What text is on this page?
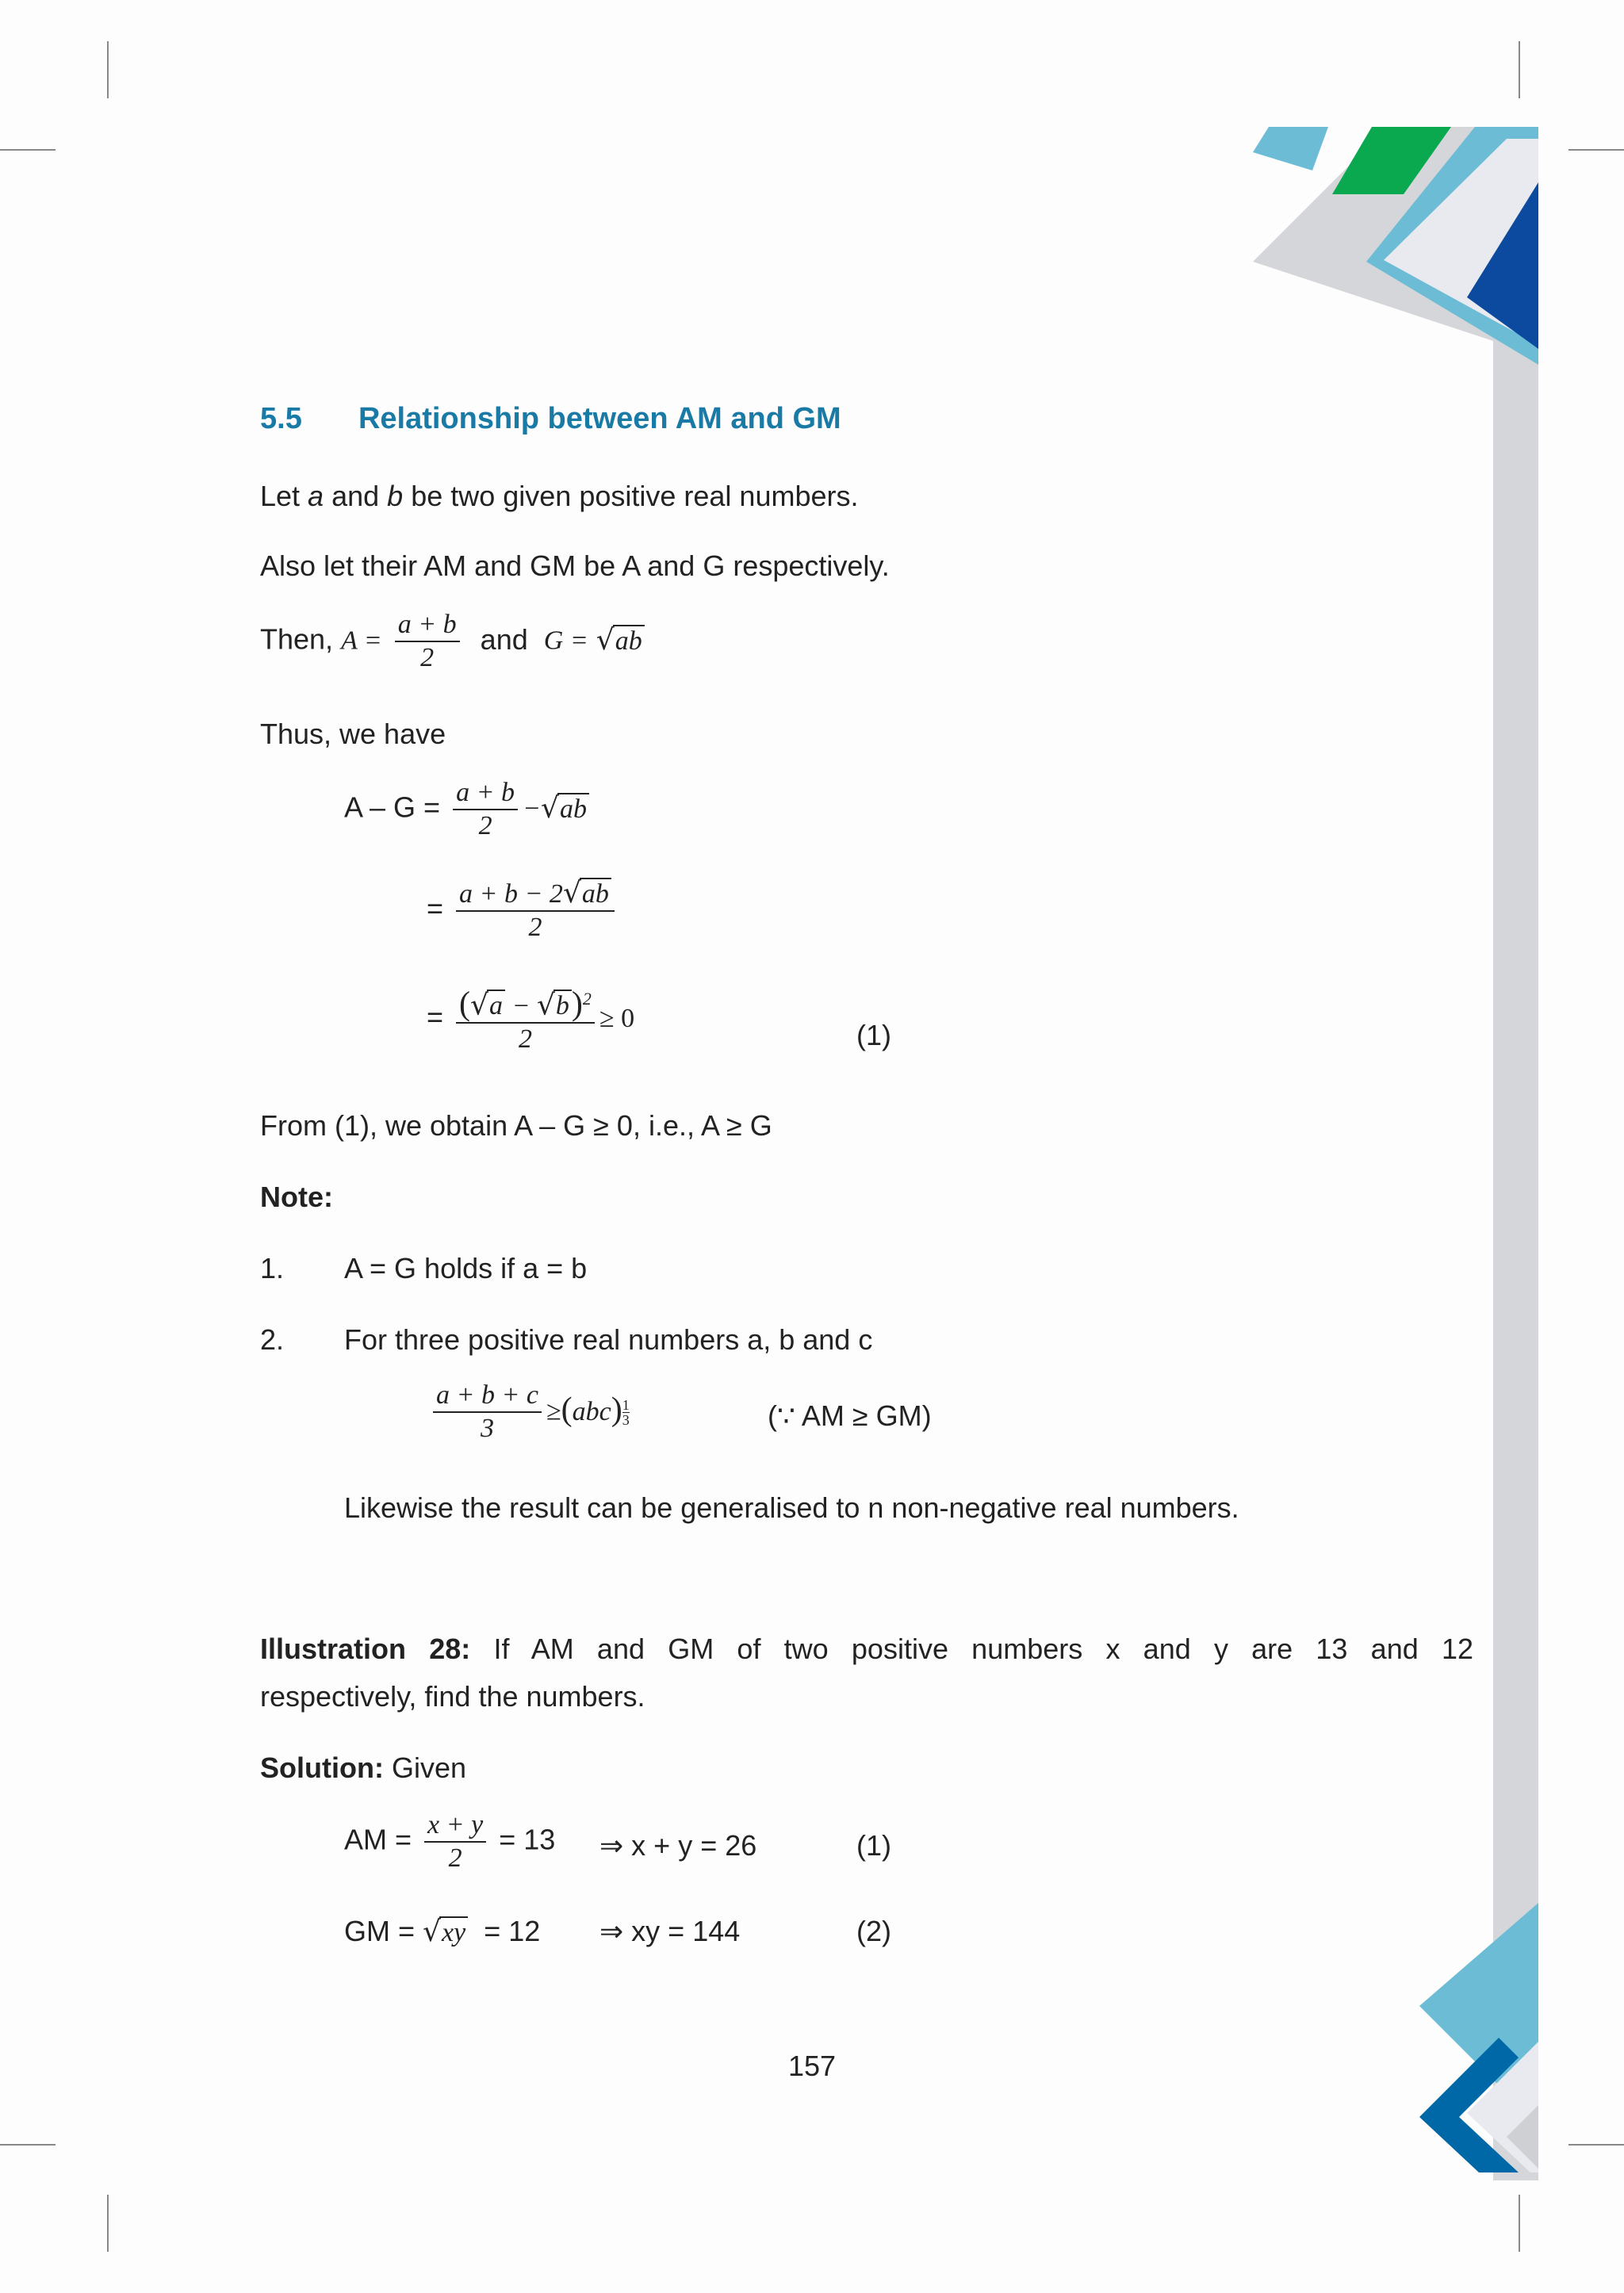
5.5 Relationship between AM and GM
Let a and b be two given positive real numbers.
Also let their AM and GM be A and G respectively.
Then, $A = \frac{a + b}{2}$ and G = √ab
Thus, we have
$A - G = \frac{a + b}{2} -√ab$
= $\frac{a + b - 2√ab}{2}$
= $\frac{(√a - √b)^2}{2} \ge 0$
(1)
From (1), we obtain A – G ≥ 0, i.e., A ≥ G
Note:
1. A = G holds if a = b
2. For three positive real numbers a, b and c
$\frac{a + b + c}{3} \ge(abc) \frac{1}{3}$	(∵ AM ≥ GM)
Likewise the result can be generalised to n non-negative real numbers.
Illustration 28: If AM and GM of two positive numbers x and y are 13 and 12
respectively, find the numbers.
Solution: Given
AM = $\frac{x + y}{2} = 13$ ⇒ x + y = 26	(1)
GM = √xy = 12 ⇒ xy = 144	(2)
157
